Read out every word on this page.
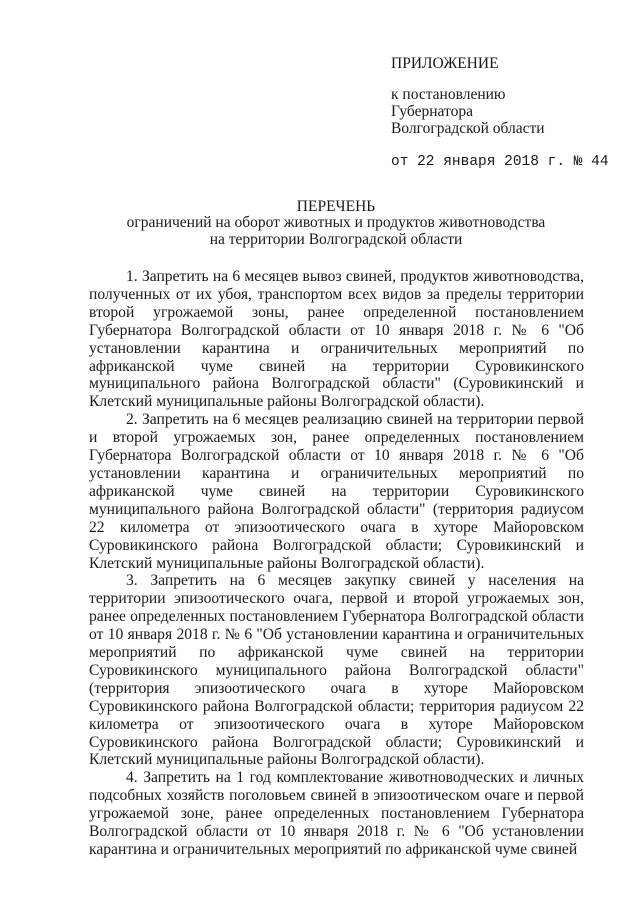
ПРИЛОЖЕНИЕ
к постановлению
Губернатора
Волгоградской области
от 22 января 2018 г. № 44
ПЕРЕЧЕНЬ
ограничений на оборот животных и продуктов животноводства
на территории Волгоградской области

1. Запретить на 6 месяцев вывоз свиней, продуктов животноводства, полученных от их убоя, транспортом всех видов за пределы территории второй угрожаемой зоны, ранее определенной постановлением Губернатора Волгоградской области от 10 января 2018 г. № 6 "Об установлении карантина и ограничительных мероприятий по африканской чуме свиней на территории Суровикинского муниципального района Волгоградской области" (Суровикинский и Клетский муниципальные районы Волгоградской области).

2. Запретить на 6 месяцев реализацию свиней на территории первой и второй угрожаемых зон, ранее определенных постановлением Губернатора Волгоградской области от 10 января 2018 г. № 6 "Об установлении карантина и ограничительных мероприятий по африканской чуме свиней на территории Суровикинского муниципального района Волгоградской области" (территория радиусом 22 километра от эпизоотического очага в хуторе Майоровском Суровикинского района Волгоградской области; Суровикинский и Клетский муниципальные районы Волгоградской области).

3. Запретить на 6 месяцев закупку свиней у населения на территории эпизоотического очага, первой и второй угрожаемых зон, ранее определенных постановлением Губернатора Волгоградской области от 10 января 2018 г. № 6 "Об установлении карантина и ограничительных мероприятий по африканской чуме свиней на территории Суровикинского муниципального района Волгоградской области" (территория эпизоотического очага в хуторе Майоровском Суровикинского района Волгоградской области; территория радиусом 22 километра от эпизоотического очага в хуторе Майоровском Суровикинского района Волгоградской области; Суровикинский и Клетский муниципальные районы Волгоградской области).

4. Запретить на 1 год комплектование животноводческих и личных подсобных хозяйств поголовьем свиней в эпизоотическом очаге и первой угрожаемой зоне, ранее определенных постановлением Губернатора Волгоградской области от 10 января 2018 г. № 6 "Об установлении карантина и ограничительных мероприятий по африканской чуме свиней
